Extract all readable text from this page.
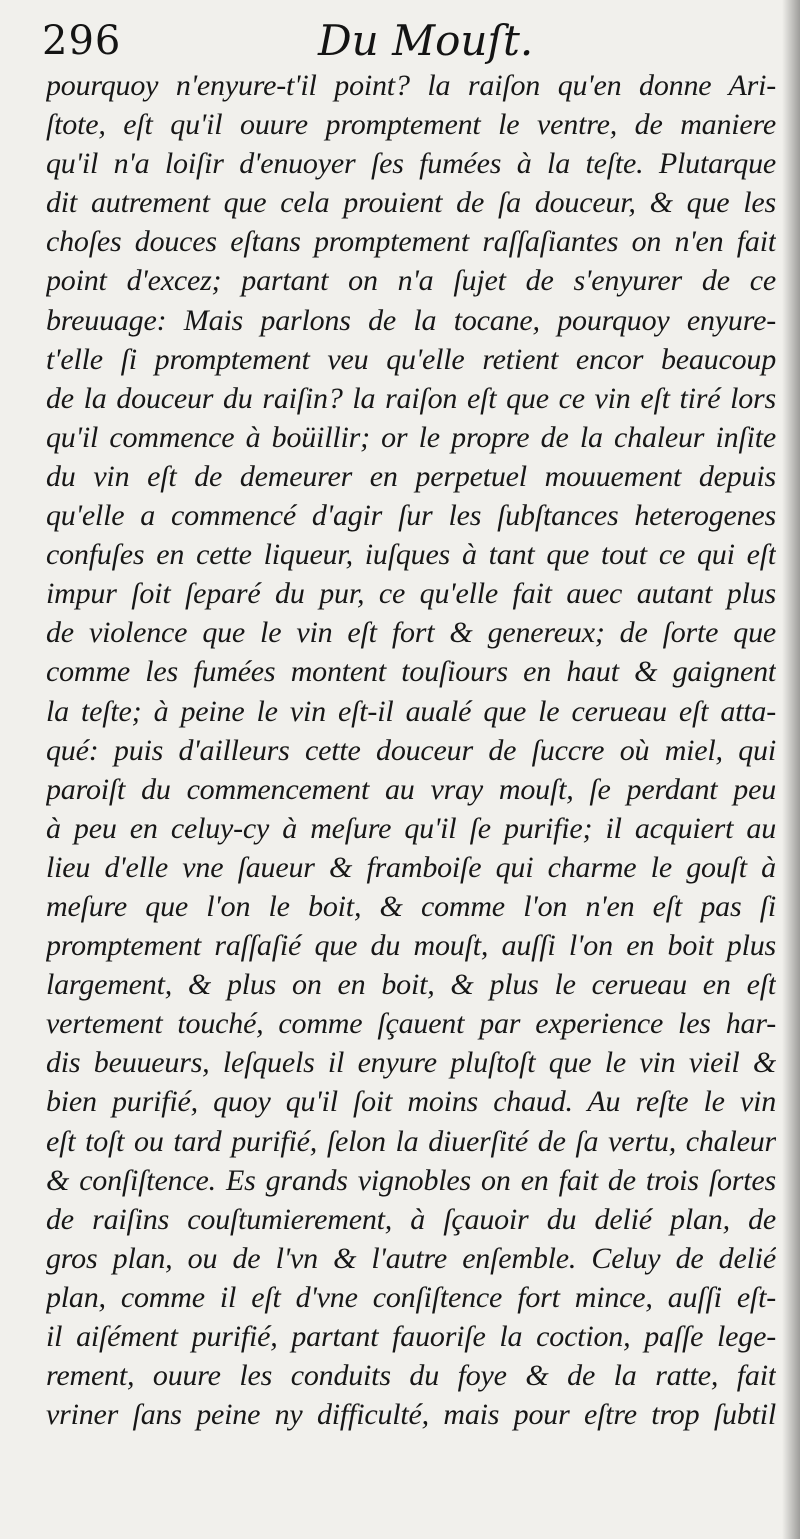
296	Du Mouſt.
pourquoy n'enyure-t'il point? la raiſon qu'en donne Ari-
ſtote, eſt qu'il ouure promptement le ventre, de maniere
qu'il n'a loiſir d'enuoyer ſes fumées à la teſte. Plutarque
dit autrement que cela prouient de ſa douceur, & que les
choſes douces eſtans promptement raſſaſiantes on n'en fait
point d'excez; partant on n'a ſujet de s'enyurer de ce
breuuage: Mais parlons de la tocane, pourquoy enyure-
t'elle ſi promptement veu qu'elle retient encor beaucoup
de la douceur du raiſin? la raiſon eſt que ce vin eſt tiré lors
qu'il commence à boüillir; or le propre de la chaleur inſite
du vin eſt de demeurer en perpetuel mouuement depuis
qu'elle a commencé d'agir ſur les ſubſtances heterogenes
confuſes en cette liqueur, iuſques à tant que tout ce qui eſt
impur ſoit ſeparé du pur, ce qu'elle fait auec autant plus
de violence que le vin eſt fort & genereux; de ſorte que
comme les fumées montent touſiours en haut & gaignent
la teſte; à peine le vin eſt-il aualé que le cerueau eſt atta-
qué: puis d'ailleurs cette douceur de ſuccre où miel, qui
paroiſt du commencement au vray mouſt, ſe perdant peu
à peu en celuy-cy à meſure qu'il ſe purifie; il acquiert au
lieu d'elle vne ſaueur & framboiſe qui charme le gouſt à
meſure que l'on le boit, & comme l'on n'en eſt pas ſi
promptement raſſaſié que du mouſt, auſſi l'on en boit plus
largement, & plus on en boit, & plus le cerueau en eſt
vertement touché, comme ſçauent par experience les har-
dis beuueurs, leſquels il enyure pluſtoſt que le vin vieil &
bien purifié, quoy qu'il ſoit moins chaud. Au reſte le vin
eſt toſt ou tard purifié, ſelon la diuerſité de ſa vertu, chaleur
& conſiſtence. Es grands vignobles on en fait de trois ſortes
de raiſins couſtumierement, à ſçauoir du delié plan, de
gros plan, ou de l'vn & l'autre enſemble. Celuy de delié
plan, comme il eſt d'vne conſiſtence fort mince, auſſi eſt-
il aiſément purifié, partant fauoriſe la coction, paſſe lege-
rement, ouure les conduits du foye & de la ratte, fait
vriner ſans peine ny difficulté, mais pour eſtre trop ſubtil
